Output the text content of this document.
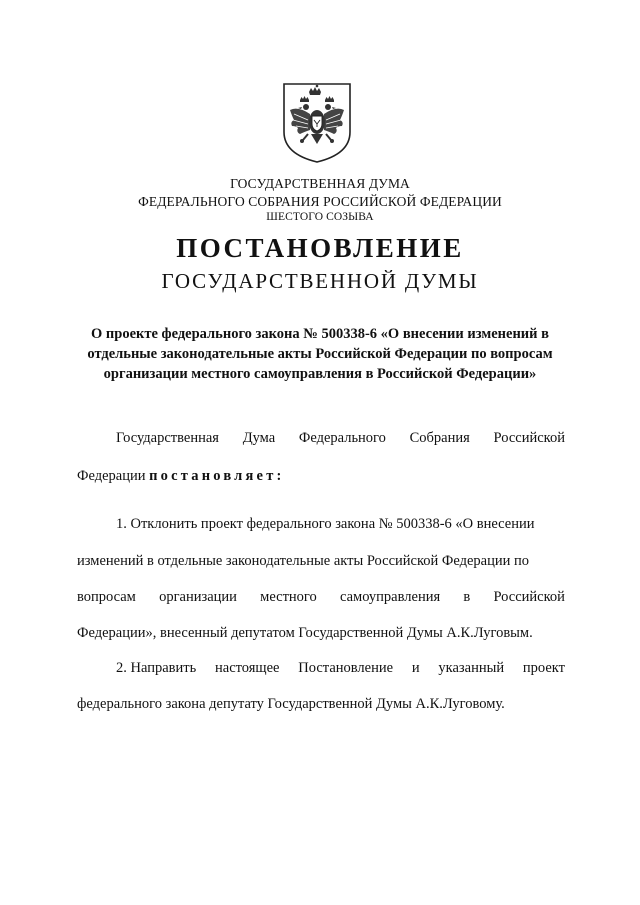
ГОСУДАРСТВЕННАЯ ДУМА
ФЕДЕРАЛЬНОГО СОБРАНИЯ РОССИЙСКОЙ ФЕДЕРАЦИИ
ШЕСТОГО СОЗЫВА
ПОСТАНОВЛЕНИЕ
ГОСУДАРСТВЕННОЙ ДУМЫ
О проекте федерального закона № 500338-6 «О внесении изменений в
отдельные законодательные акты Российской Федерации по вопросам
организации местного самоуправления в Российской Федерации»
Государственная Дума Федерального Собрания Российской
Федерации постановляет:
1. Отклонить проект федерального закона № 500338-6 «О внесении
изменений в отдельные законодательные акты Российской Федерации по
вопросам организации местного самоуправления в Российской
Федерации», внесенный депутатом Государственной Думы А.К.Луговым.
2. Направить настоящее Постановление и указанный проект
федерального закона депутату Государственной Думы А.К.Луговому.
